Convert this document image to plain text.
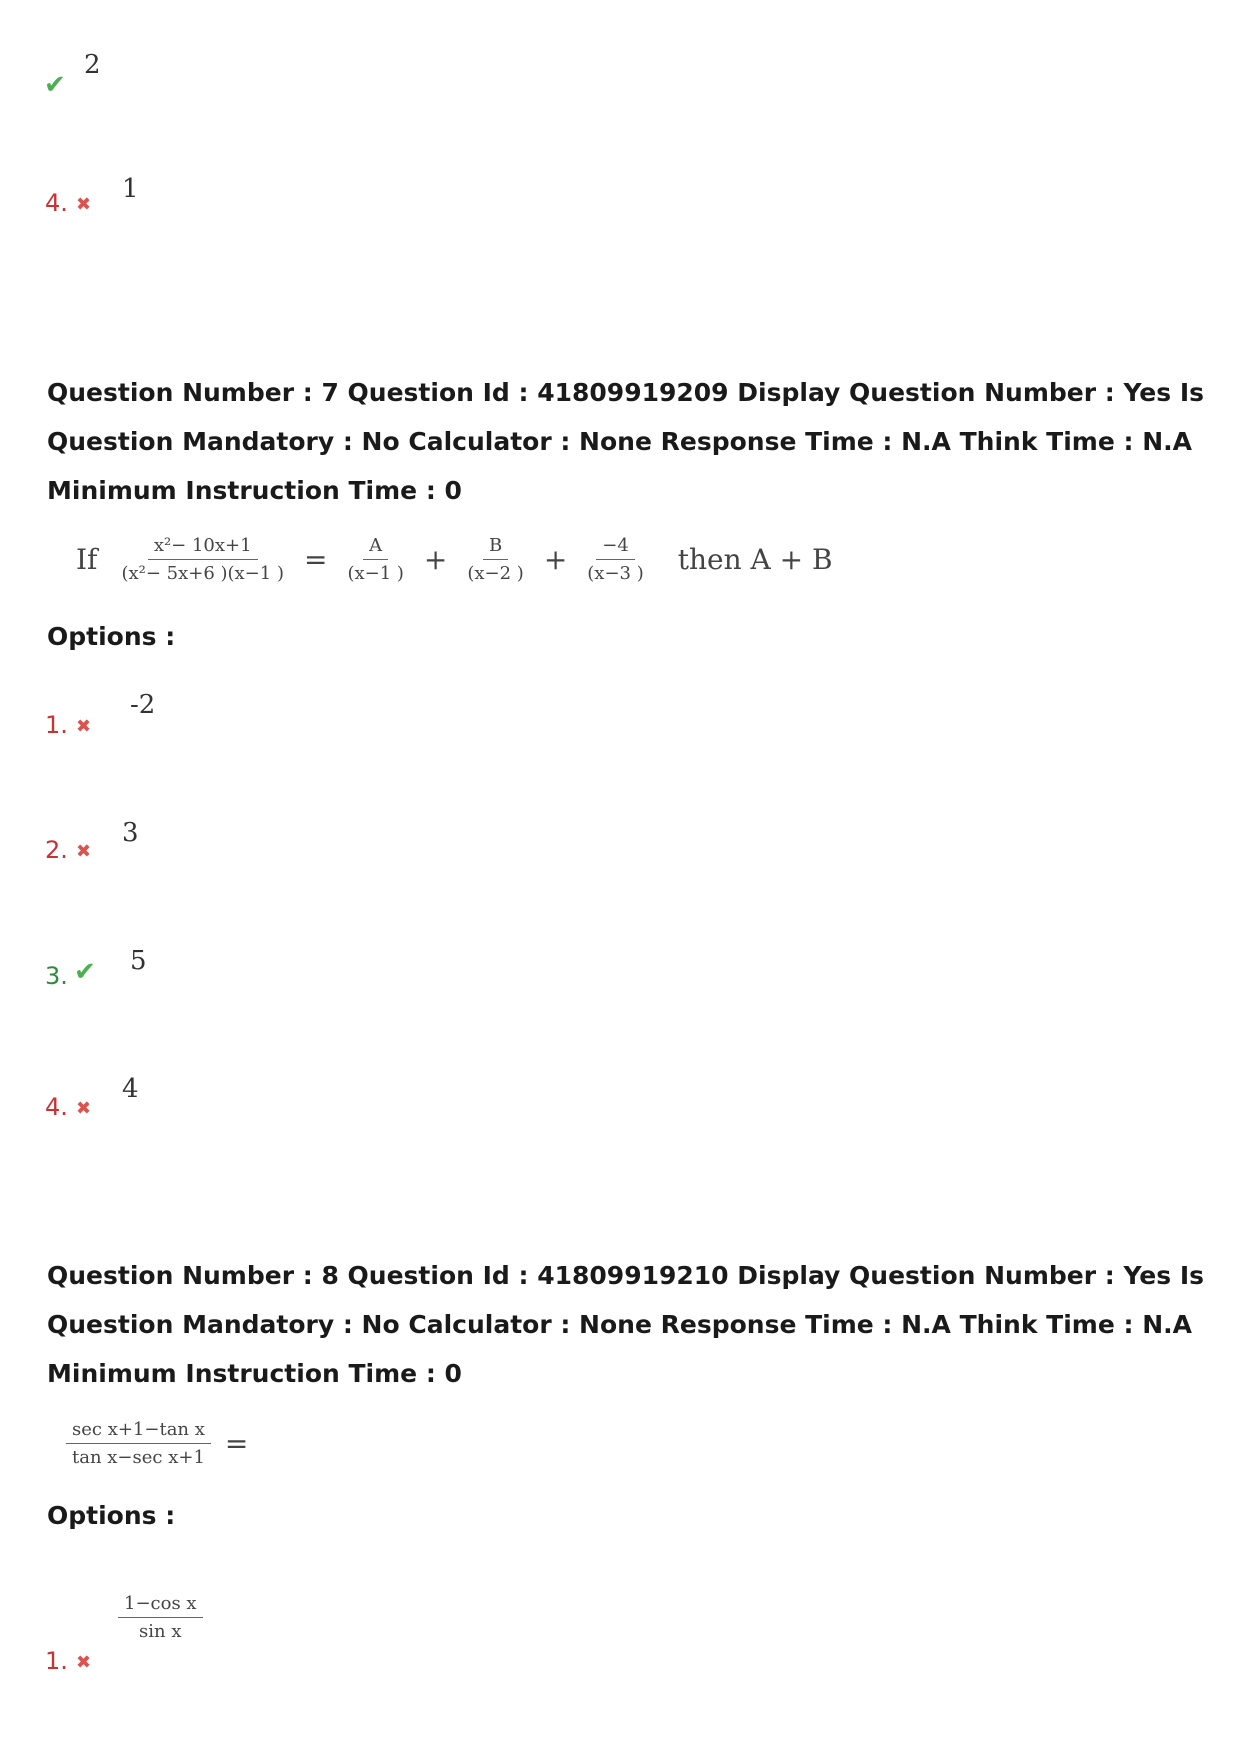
✔
2
4. ✖
1
Question Number : 7 Question Id : 41809919209 Display Question Number : Yes Is Question Mandatory : No Calculator : None Response Time : N.A Think Time : N.A Minimum Instruction Time : 0
If $\frac{\text{x²− 10x+1}}{\text{(x²− 5x+6 )(x−1 )}} = \frac{A}{(x-1 )} + \frac{B}{(x-2 )} + \frac{-4}{(x-3 )}$ then A + B
Options :
1. ✖
-2
2. ✖
3
3. ✔ 5
4. ✖
4
Question Number : 8 Question Id : 41809919210 Display Question Number : Yes Is Question Mandatory : No Calculator : None Response Time : N.A Think Time : N.A Minimum Instruction Time : 0
$\frac{\text{sec x+1−tan x}}{\text{tan x−sec x+1}}$ =
Options :
$\frac{\text{1−cos x}}{\text{sin x}}$
1. ✖
